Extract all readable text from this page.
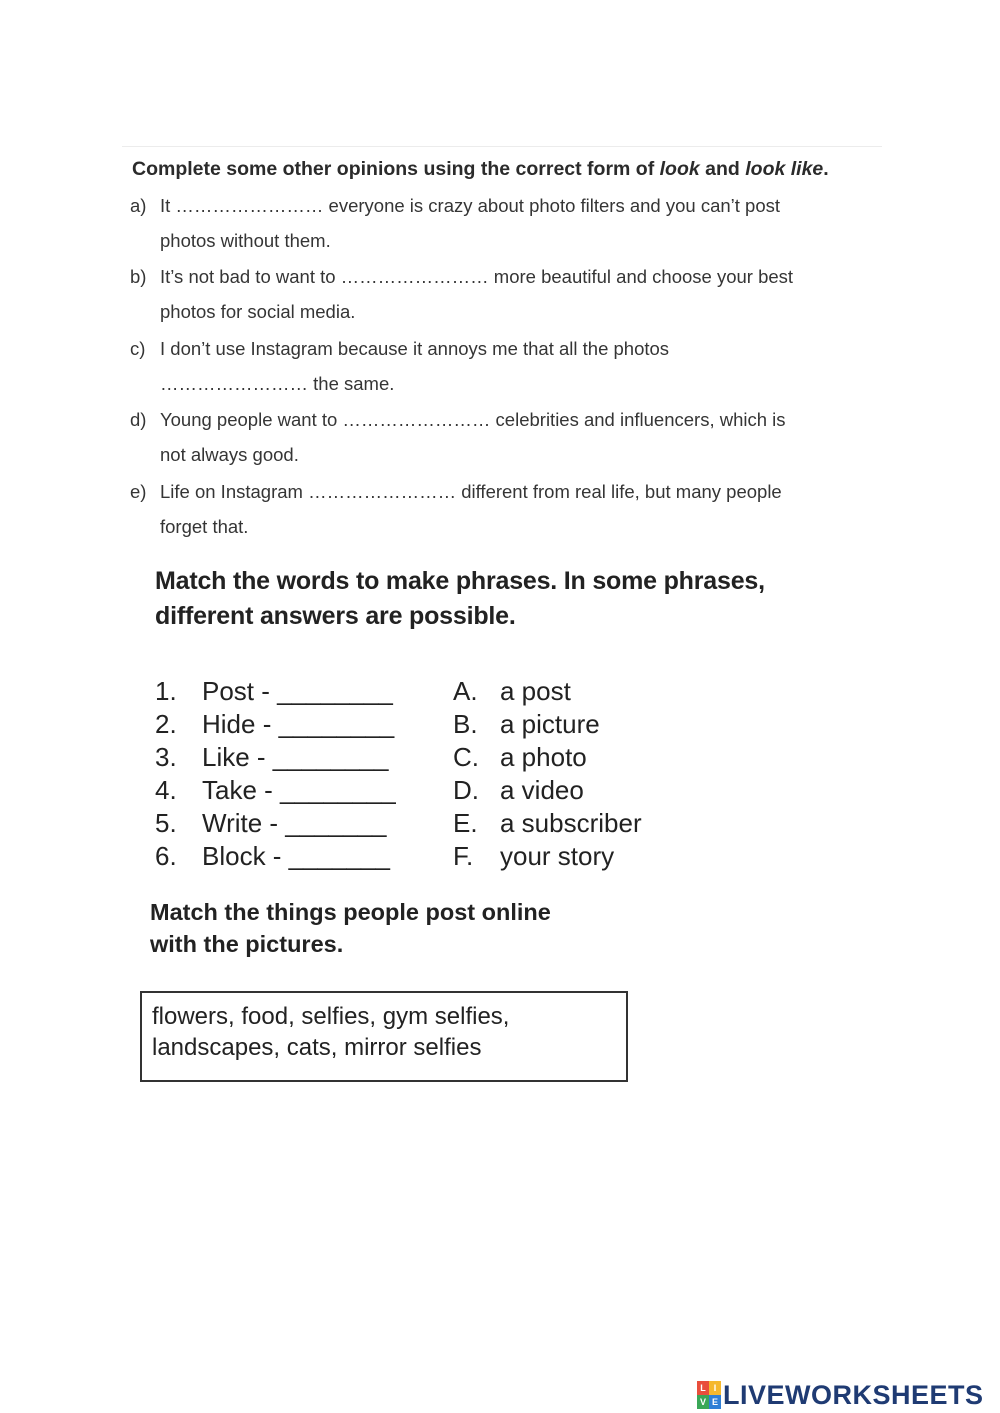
Complete some other opinions using the correct form of look and look like.
a) It …………………… everyone is crazy about photo filters and you can’t post
photos without them.
b) It’s not bad to want to …………………… more beautiful and choose your best
photos for social media.
c) I don’t use Instagram because it annoys me that all the photos
…………………… the same.
d) Young people want to …………………… celebrities and influencers, which is
not always good.
e) Life on Instagram …………………… different from real life, but many people
forget that.
Match the words to make phrases. In some phrases,
different answers are possible.
1. Post - ________ A. a post
2. Hide - ________ B. a picture
3. Like - ________ C. a photo
4. Take - ________ D. a video
5. Write - _______	E. a subscriber
6. Block - _______ F. your story
Match the things people post online
with the pictures.
flowers, food, selfies, gym selfies,
landscapes, cats, mirror selfies
L I
V E LIVEWORKSHEETS
